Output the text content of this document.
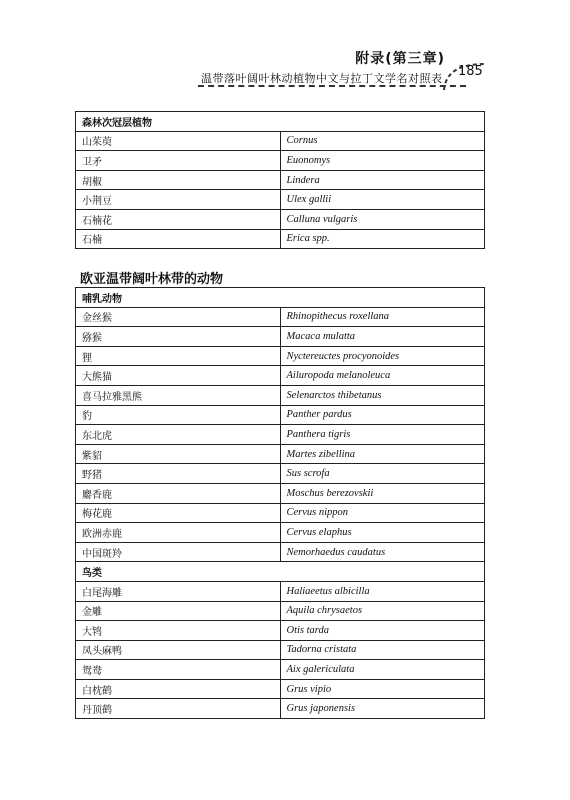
附录(第三章)
温带落叶阔叶林动植物中文与拉丁文学名对照表 185
森林次冠层植物	
山茱萸	Cornus
卫矛	Euonomys
胡椒	Lindera
小荆豆	Ulex gallii
石楠花	Calluna vulgaris
石楠	Erica spp.
欧亚温带阔叶林带的动物
哺乳动物	
金丝猴	Rhinopithecus roxellana
猕猴	Macaca mulatta
狸	Nyctereuctes procyonoides
大熊猫	Ailuropoda melanoleuca
喜马拉雅黑熊	Selenarctos thibetanus
豹	Panther pardus
东北虎	Panthera tigris
紫貂	Martes zibellina
野猪	Sus scrofa
麝香鹿	Moschus berezovskii
梅花鹿	Cervus nippon
欧洲赤鹿	Cervus elaphus
中国斑羚	Nemorhaedus caudatus
鸟类	
白尾海雕	Haliaeetus albicilla
金雕	Aquila chrysaetos
大鸨	Otis tarda
凤头麻鸭	Tadorna cristata
鸳鸯	Aix galericulata
白枕鹤	Grus vipio
丹顶鹤	Grus japonensis
